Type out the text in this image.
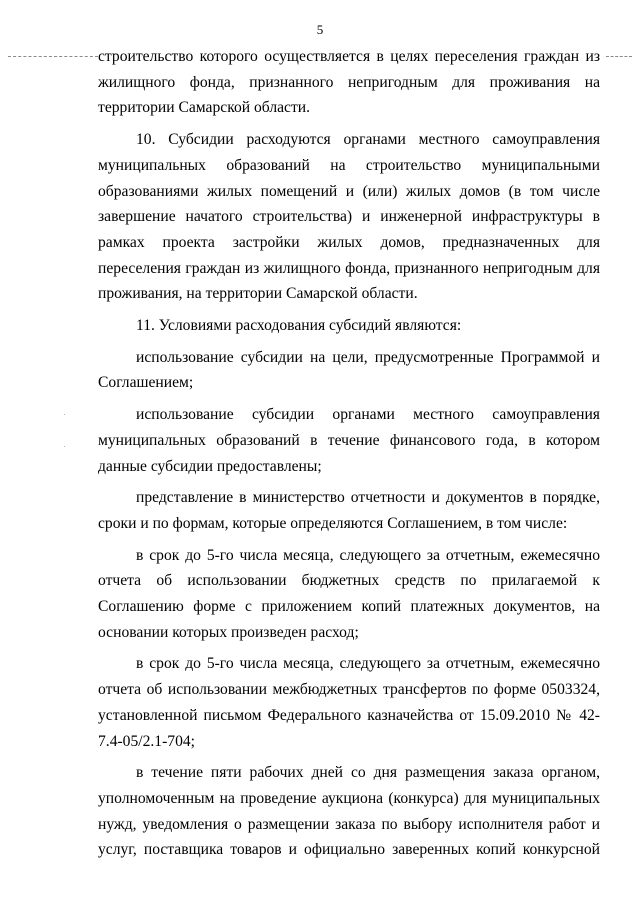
5

строительство которого осуществляется в целях переселения граждан из жилищного фонда, признанного непригодным для проживания на территории Самарской области.

10. Субсидии расходуются органами местного самоуправления муниципальных образований на строительство муниципальными образованиями жилых помещений и (или) жилых домов (в том числе завершение начатого строительства) и инженерной инфраструктуры в рамках проекта застройки жилых домов, предназначенных для переселения граждан из жилищного фонда, признанного непригодным для проживания, на территории Самарской области.

11. Условиями расходования субсидий являются:

использование субсидии на цели, предусмотренные Программой и Соглашением;

использование субсидии органами местного самоуправления муниципальных образований в течение финансового года, в котором данные субсидии предоставлены;

представление в министерство отчетности и документов в порядке, сроки и по формам, которые определяются Соглашением, в том числе:

в срок до 5-го числа месяца, следующего за отчетным, ежемесячно отчета об использовании бюджетных средств по прилагаемой к Соглашению форме с приложением копий платежных документов, на основании которых произведен расход;

в срок до 5-го числа месяца, следующего за отчетным, ежемесячно отчета об использовании межбюджетных трансфертов по форме 0503324, установленной письмом Федерального казначейства от 15.09.2010 № 42-7.4-05/2.1-704;

в течение пяти рабочих дней со дня размещения заказа органом, уполномоченным на проведение аукциона (конкурса) для муниципальных нужд, уведомления о размещении заказа по выбору исполнителя работ и услуг, поставщика товаров и официально заверенных копий конкурсной
